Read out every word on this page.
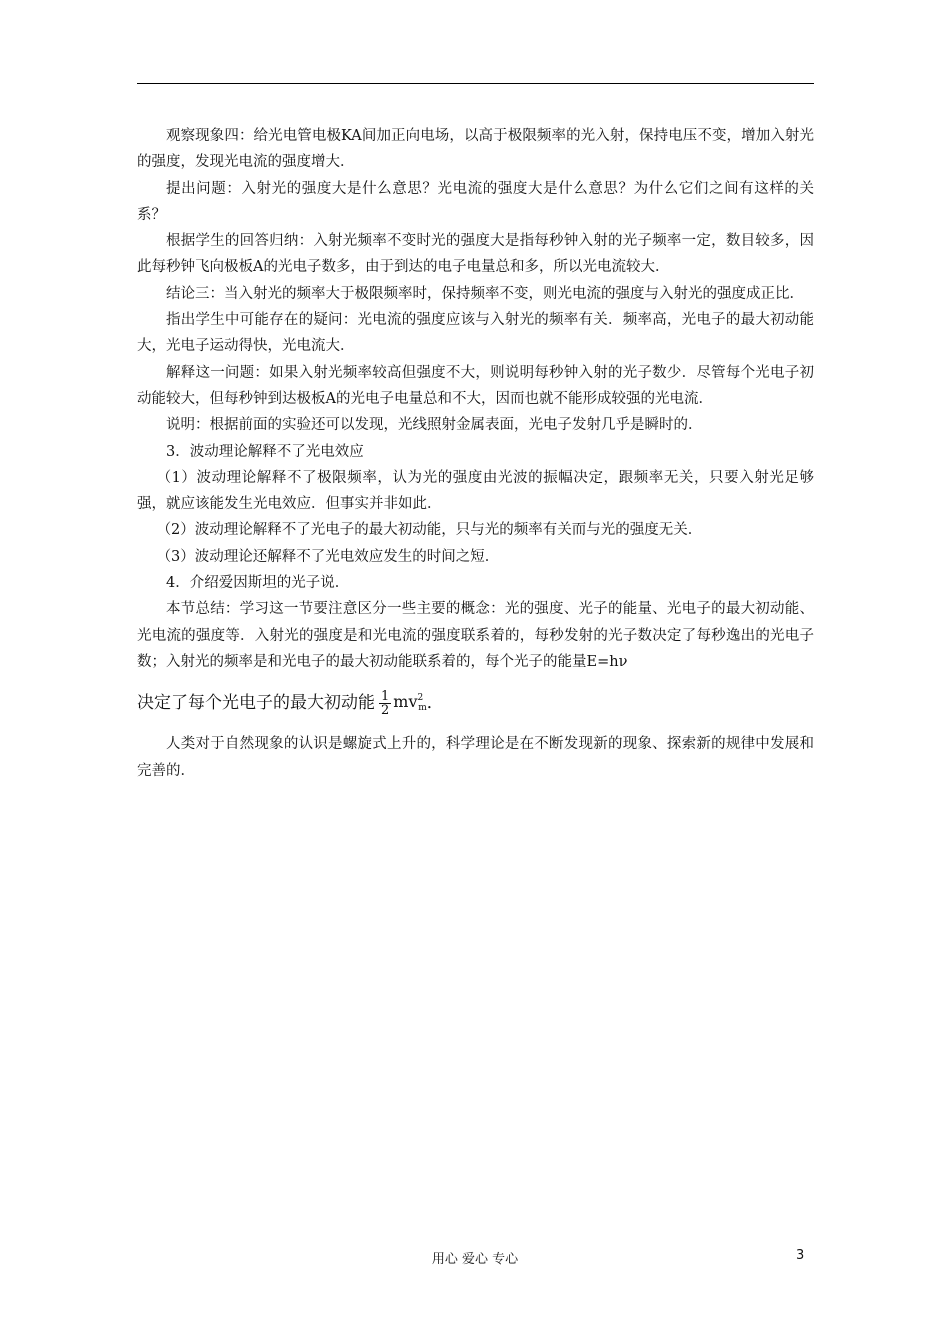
观察现象四：给光电管电极KA间加正向电场，以高于极限频率的光入射，保持电压不变，增加入射光的强度，发现光电流的强度增大．

提出问题：入射光的强度大是什么意思？光电流的强度大是什么意思？为什么它们之间有这样的关系？

根据学生的回答归纳：入射光频率不变时光的强度大是指每秒钟入射的光子频率一定，数目较多，因此每秒钟飞向极板A的光电子数多，由于到达的电子电量总和多，所以光电流较大．

结论三：当入射光的频率大于极限频率时，保持频率不变，则光电流的强度与入射光的强度成正比．

指出学生中可能存在的疑问：光电流的强度应该与入射光的频率有关．频率高，光电子的最大初动能大，光电子运动得快，光电流大．

解释这一问题：如果入射光频率较高但强度不大，则说明每秒钟入射的光子数少．尽管每个光电子初动能较大，但每秒钟到达极板A的光电子电量总和不大，因而也就不能形成较强的光电流．

说明：根据前面的实验还可以发现，光线照射金属表面，光电子发射几乎是瞬时的．

3．波动理论解释不了光电效应

（1）波动理论解释不了极限频率，认为光的强度由光波的振幅决定，跟频率无关，只要入射光足够强，就应该能发生光电效应．但事实并非如此．

（2）波动理论解释不了光电子的最大初动能，只与光的频率有关而与光的强度无关．

（3）波动理论还解释不了光电效应发生的时间之短．

4．介绍爱因斯坦的光子说．

本节总结：学习这一节要注意区分一些主要的概念：光的强度、光子的能量、光电子的最大初动能、光电流的强度等．入射光的强度是和光电流的强度联系着的，每秒发射的光子数决定了每秒逸出的光电子数；入射光的频率是和光电子的最大初动能联系着的，每个光子的能量E=hν

决定了每个光电子的最大初动能 $\frac{1}{2} mv^2_m$ ．

人类对于自然现象的认识是螺旋式上升的，科学理论是在不断发现新的现象、探索新的规律中发展和完善的．

用心 爱心 专心	3
